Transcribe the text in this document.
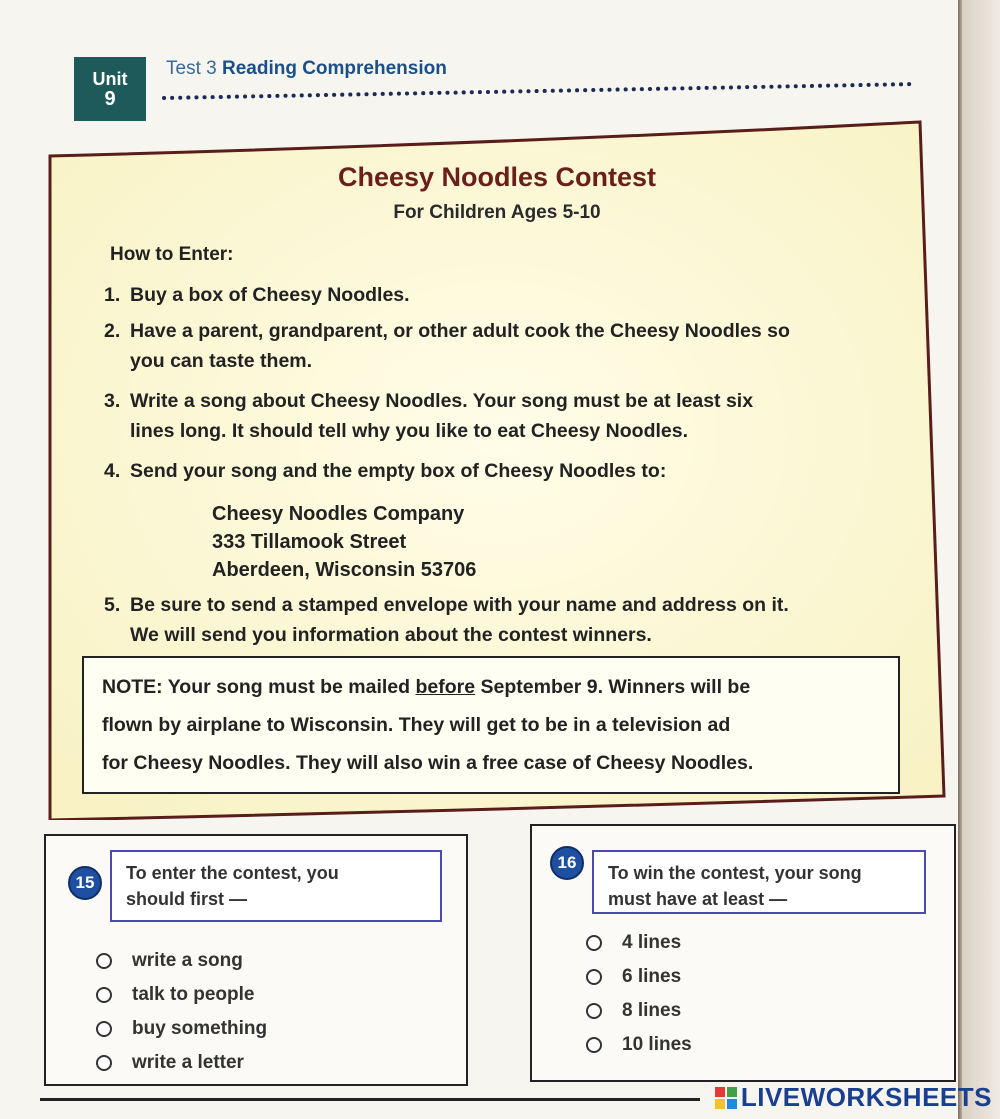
Unit
9
Test 3 Reading Comprehension
Cheesy Noodles Contest
For Children Ages 5-10
How to Enter:
1. Buy a box of Cheesy Noodles.
2. Have a parent, grandparent, or other adult cook the Cheesy Noodles so
you can taste them.
3. Write a song about Cheesy Noodles. Your song must be at least six
lines long. It should tell why you like to eat Cheesy Noodles.
4. Send your song and the empty box of Cheesy Noodles to:
Cheesy Noodles Company
333 Tillamook Street
Aberdeen, Wisconsin 53706
5. Be sure to send a stamped envelope with your name and address on it.
We will send you information about the contest winners.
NOTE: Your song must be mailed before September 9. Winners will be
flown by airplane to Wisconsin. They will get to be in a television ad
for Cheesy Noodles. They will also win a free case of Cheesy Noodles.
15	To enter the contest, you
should first —
write a song
talk to people
buy something
write a letter
16
To win the contest, your song
must have at least —
4 lines
6 lines
8 lines
10 lines
LIVEWORKSHEETS
